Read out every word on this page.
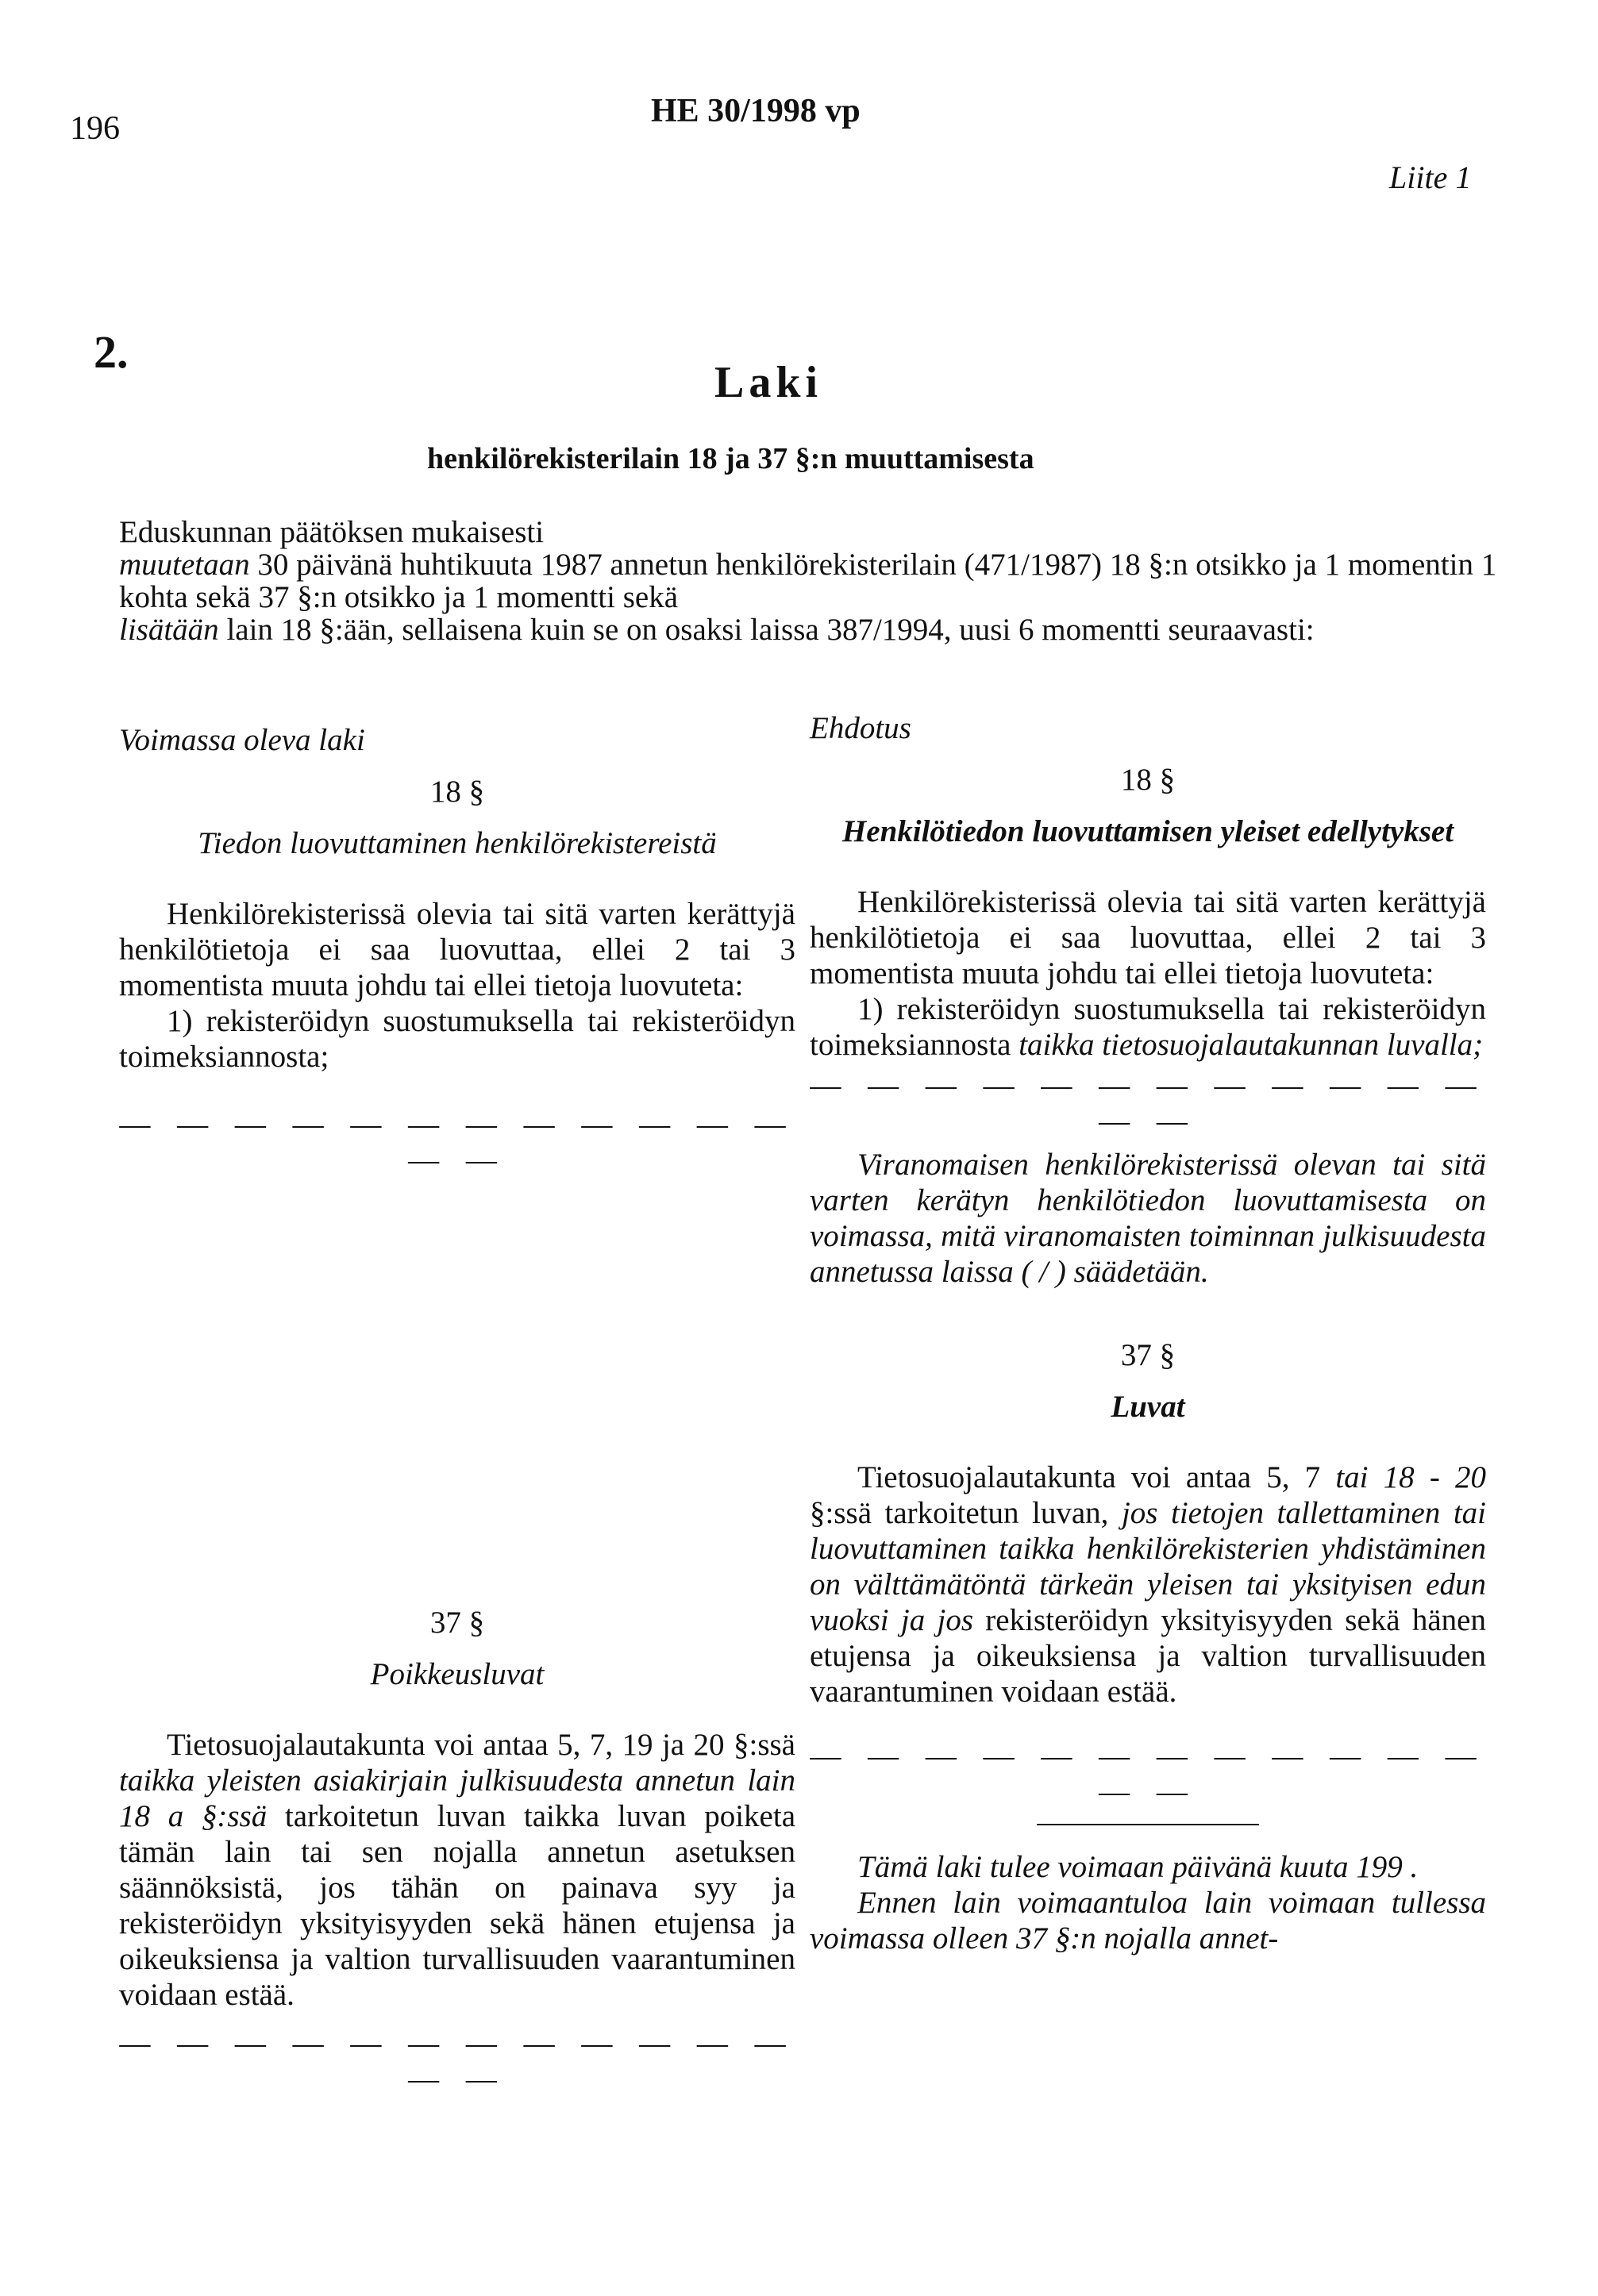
196	HE 30/1998 vp
Liite 1
2.
Laki
henkilörekisterilain 18 ja 37 §:n muuttamisesta

Eduskunnan päätöksen mukaisesti

muutetaan 30 päivänä huhtikuuta 1987 annetun henkilörekisterilain (471/1987) 18 §:n otsikko ja 1 momentin 1 kohta sekä 37 §:n otsikko ja 1 momentti sekä

lisätään lain 18 §:ään, sellaisena kuin se on osaksi laissa 387/1994, uusi 6 momentti seuraavasti:

Voimassa oleva laki
18 §
Tiedon luovuttaminen henkilörekistereistä

Henkilörekisterissä olevia tai sitä varten kerättyjä henkilötietoja ei saa luovuttaa, ellei 2 tai 3 momentista muuta johdu tai ellei tietoja luovuteta:

1) rekisteröidyn suostumuksella tai rekisteröidyn toimeksiannosta;

— — — — — — — — — — — — — —
37 §
Poikkeusluvat

Tietosuojalautakunta voi antaa 5, 7, 19 ja 20 §:ssä taikka yleisten asiakirjain julkisuudesta annetun lain 18 a §:ssä tarkoitetun luvan taikka luvan poiketa tämän lain tai sen nojalla annetun asetuksen säännöksistä, jos tähän on painava syy ja rekisteröidyn yksityisyyden sekä hänen etujensa ja oikeuksiensa ja valtion turvallisuuden vaarantuminen voidaan estää.

— — — — — — — — — — — — — —
Ehdotus
18 §
Henkilötiedon luovuttamisen yleiset edellytykset

Henkilörekisterissä olevia tai sitä varten kerättyjä henkilötietoja ei saa luovuttaa, ellei 2 tai 3 momentista muuta johdu tai ellei tietoja luovuteta:

1) rekisteröidyn suostumuksella tai rekisteröidyn toimeksiannosta taikka tietosuojalautakunnan luvalla;

— — — — — — — — — — — — — —

Viranomaisen henkilörekisterissä olevan tai sitä varten kerätyn henkilötiedon luovuttamisesta on voimassa, mitä viranomaisten toiminnan julkisuudesta annetussa laissa ( / ) säädetään.

37 §
Luvat

Tietosuojalautakunta voi antaa 5, 7 tai 18 - 20 §:ssä tarkoitetun luvan, jos tietojen tallettaminen tai luovuttaminen taikka henkilörekisterien yhdistäminen on välttämätöntä tärkeän yleisen tai yksityisen edun vuoksi ja jos rekisteröidyn yksityisyyden sekä hänen etujensa ja oikeuksiensa ja valtion turvallisuuden vaarantuminen voidaan estää.

— — — — — — — — — — — — — —

Tämä laki tulee voimaan päivänä kuuta 199 .

Ennen lain voimaantuloa lain voimaan tullessa voimassa olleen 37 §:n nojalla annet-
